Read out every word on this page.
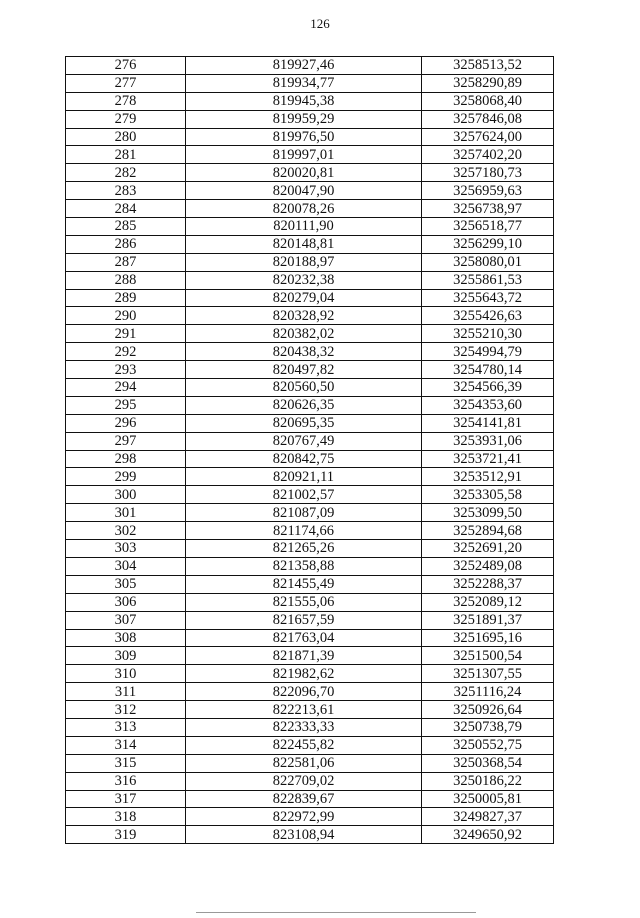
126
276	819927,46	3258513,52
277	819934,77	3258290,89
278	819945,38	3258068,40
279	819959,29	3257846,08
280	819976,50	3257624,00
281	819997,01	3257402,20
282	820020,81	3257180,73
283	820047,90	3256959,63
284	820078,26	3256738,97
285	820111,90	3256518,77
286	820148,81	3256299,10
287	820188,97	3258080,01
288	820232,38	3255861,53
289	820279,04	3255643,72
290	820328,92	3255426,63
291	820382,02	3255210,30
292	820438,32	3254994,79
293	820497,82	3254780,14
294	820560,50	3254566,39
295	820626,35	3254353,60
296	820695,35	3254141,81
297	820767,49	3253931,06
298	820842,75	3253721,41
299	820921,11	3253512,91
300	821002,57	3253305,58
301	821087,09	3253099,50
302	821174,66	3252894,68
303	821265,26	3252691,20
304	821358,88	3252489,08
305	821455,49	3252288,37
306	821555,06	3252089,12
307	821657,59	3251891,37
308	821763,04	3251695,16
309	821871,39	3251500,54
310	821982,62	3251307,55
311	822096,70	3251116,24
312	822213,61	3250926,64
313	822333,33	3250738,79
314	822455,82	3250552,75
315	822581,06	3250368,54
316	822709,02	3250186,22
317	822839,67	3250005,81
318	822972,99	3249827,37
319	823108,94	3249650,92
